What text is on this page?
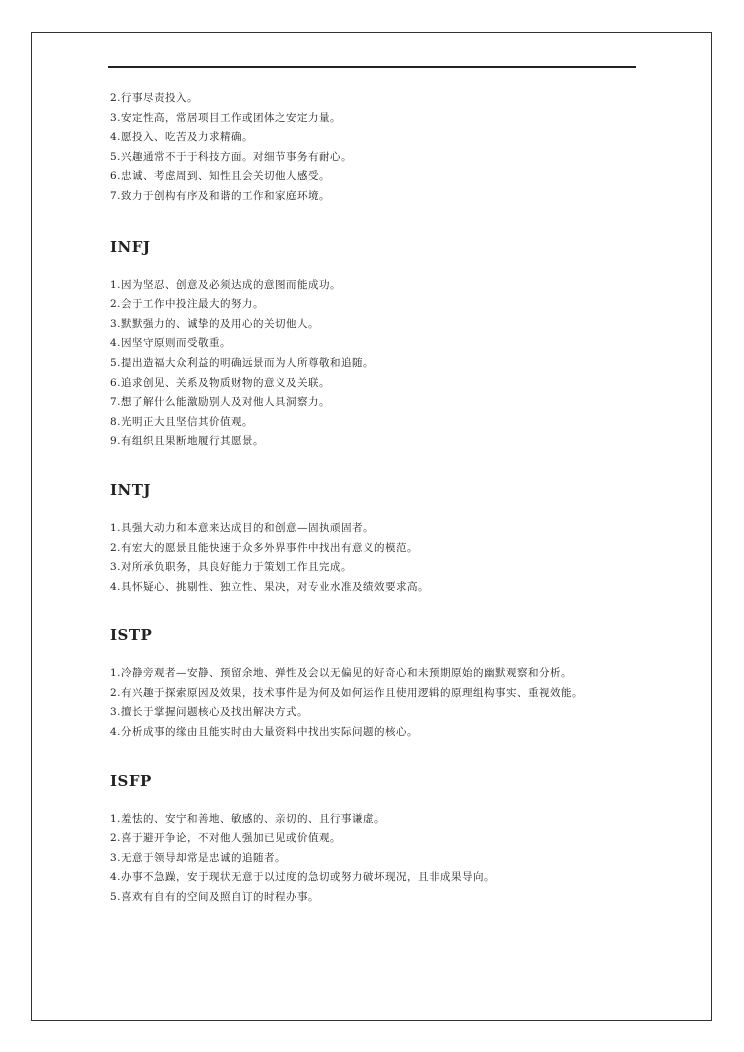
2.行事尽责投入。
3.安定性高，常居项目工作或团体之安定力量。
4.愿投入、吃苦及力求精确。
5.兴趣通常不于于科技方面。对细节事务有耐心。
6.忠诚、考虑周到、知性且会关切他人感受。
7.致力于创构有序及和谐的工作和家庭环境。
INFJ
1.因为坚忍、创意及必须达成的意图而能成功。
2.会于工作中投注最大的努力。
3.默默强力的、诚挚的及用心的关切他人。
4.因坚守原则而受敬重。
5.提出造福大众利益的明确远景而为人所尊敬和追随。
6.追求创见、关系及物质财物的意义及关联。
7.想了解什么能激励别人及对他人具洞察力。
8.光明正大且坚信其价值观。
9.有组织且果断地履行其愿景。
INTJ
1.具强大动力和本意来达成目的和创意—固执顽固者。
2.有宏大的愿景且能快速于众多外界事件中找出有意义的模范。
3.对所承负职务，具良好能力于策划工作且完成。
4.具怀疑心、挑剔性、独立性、果决，对专业水准及绩效要求高。
ISTP
1.冷静旁观者—安静、预留余地、弹性及会以无偏见的好奇心和未预期原始的幽默观察和分析。
2.有兴趣于探索原因及效果，技术事件是为何及如何运作且使用逻辑的原理组构事实、重视效能。
3.擅长于掌握问题核心及找出解决方式。
4.分析成事的缘由且能实时由大量资料中找出实际问题的核心。
ISFP
1.羞怯的、安宁和善地、敏感的、亲切的、且行事谦虚。
2.喜于避开争论，不对他人强加已见或价值观。
3.无意于领导却常是忠诚的追随者。
4.办事不急躁，安于现状无意于以过度的急切或努力破坏现况，且非成果导向。
5.喜欢有自有的空间及照自订的时程办事。
